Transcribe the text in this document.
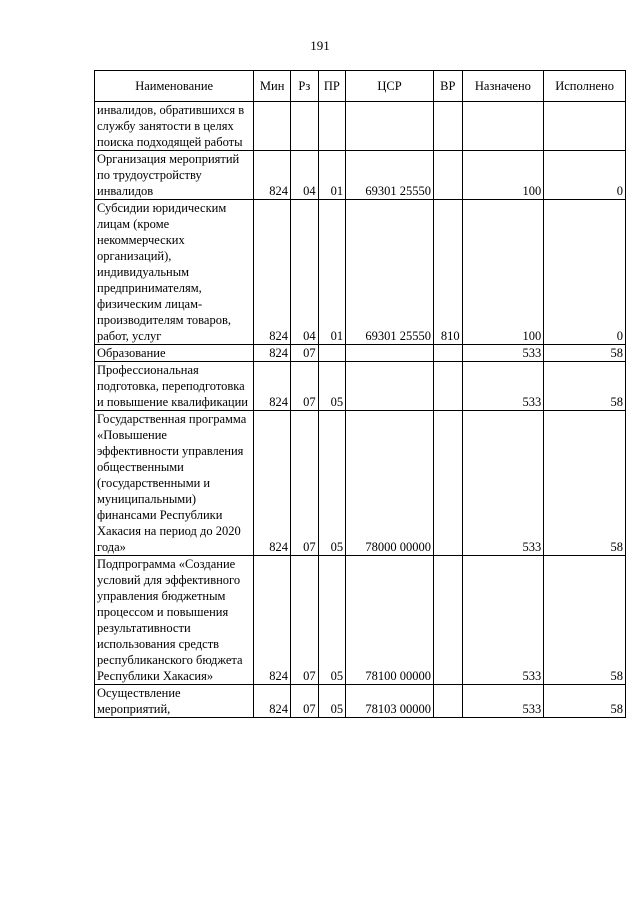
191
Наименование	Мин	Рз	ПР	ЦСР	ВР	Назначено	Исполнено
инвалидов, обратившихся в службу занятости в целях поиска подходящей работы							
Организация мероприятий по трудоустройству инвалидов	824	04	01	69301 25550		100	0
Субсидии юридическим лицам (кроме некоммерческих организаций), индивидуальным предпринимателям, физическим лицам-производителям товаров, работ, услуг	824	04	01	69301 25550	810	100	0
Образование	824	07				533	58
Профессиональная подготовка, переподготовка и повышение квалификации	824	07	05			533	58
Государственная программа «Повышение эффективности управления общественными (государственными и муниципальными) финансами Республики Хакасия на период до 2020 года»	824	07	05	78000 00000		533	58
Подпрограмма «Создание условий для эффективного управления бюджетным процессом и повышения результативности использования средств республиканского бюджета Республики Хакасия»	824	07	05	78100 00000		533	58
Осуществление мероприятий,	824	07	05	78103 00000		533	58
